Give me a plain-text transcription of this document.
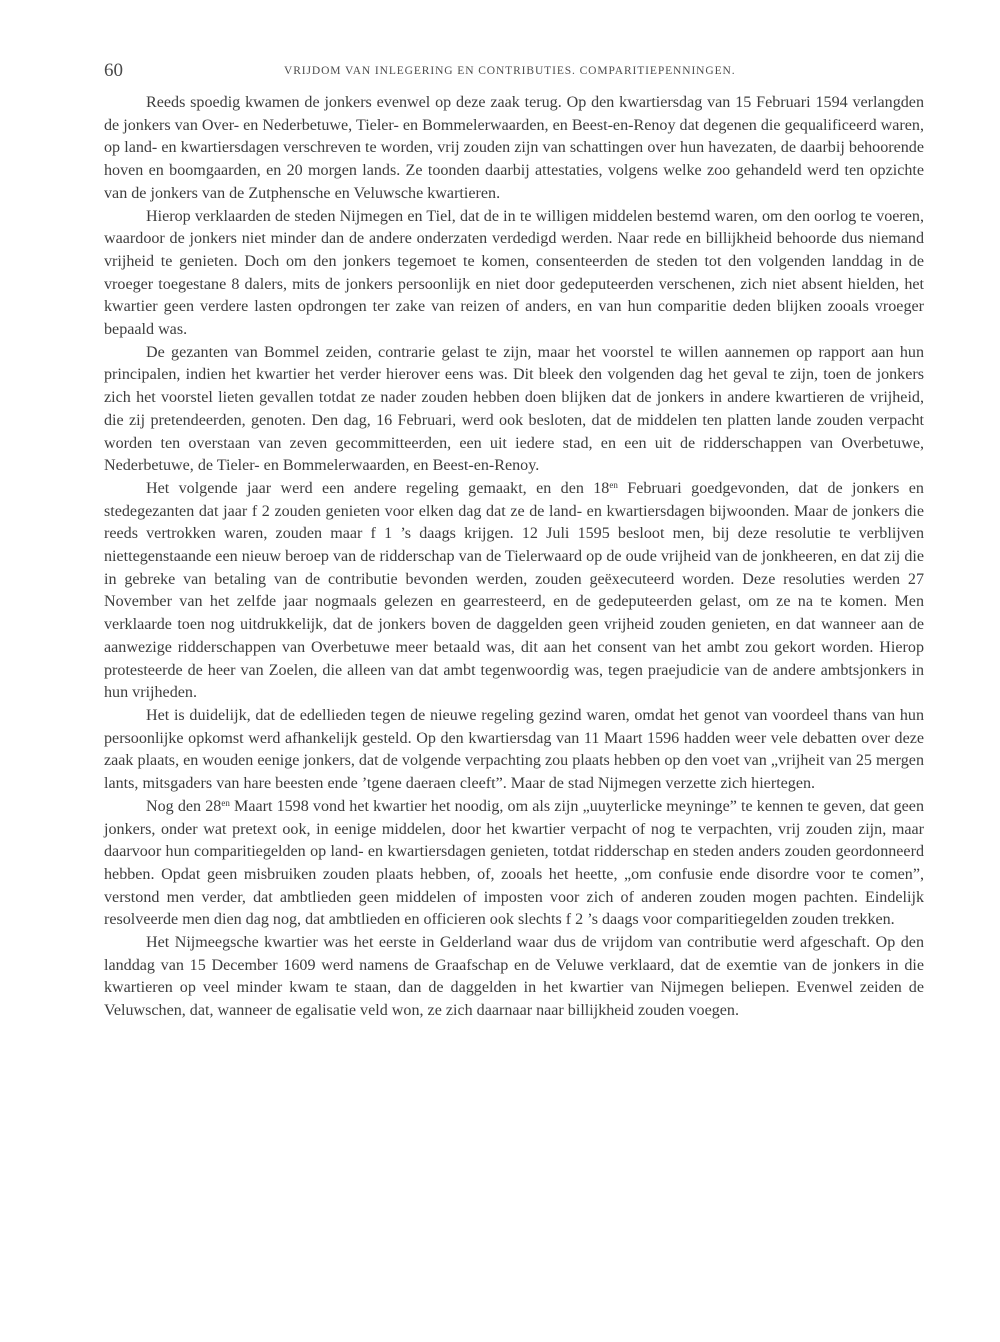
60	VRIJDOM VAN INLEGERING EN CONTRIBUTIES. COMPARITIEPENNINGEN.

Reeds spoedig kwamen de jonkers evenwel op deze zaak terug. Op den kwartiersdag van 15 Februari 1594 verlangden de jonkers van Over- en Nederbetuwe, Tieler- en Bommelerwaarden, en Beest-en-Renoy dat degenen die gequalificeerd waren, op land- en kwartiersdagen verschreven te worden, vrij zouden zijn van schattingen over hun havezaten, de daarbij behoorende hoven en boomgaarden, en 20 morgen lands. Ze toonden daarbij attestaties, volgens welke zoo gehandeld werd ten opzichte van de jonkers van de Zutphensche en Veluwsche kwartieren.

Hierop verklaarden de steden Nijmegen en Tiel, dat de in te willigen middelen bestemd waren, om den oorlog te voeren, waardoor de jonkers niet minder dan de andere onderzaten verdedigd werden. Naar rede en billijkheid behoorde dus niemand vrijheid te genieten. Doch om den jonkers tegemoet te komen, consenteerden de steden tot den volgenden landdag in de vroeger toegestane 8 dalers, mits de jonkers persoonlijk en niet door gedeputeerden verschenen, zich niet absent hielden, het kwartier geen verdere lasten opdrongen ter zake van reizen of anders, en van hun comparitie deden blijken zooals vroeger bepaald was.

De gezanten van Bommel zeiden, contrarie gelast te zijn, maar het voorstel te willen aannemen op rapport aan hun principalen, indien het kwartier het verder hierover eens was. Dit bleek den volgenden dag het geval te zijn, toen de jonkers zich het voorstel lieten gevallen totdat ze nader zouden hebben doen blijken dat de jonkers in andere kwartieren de vrijheid, die zij pretendeerden, genoten. Den dag, 16 Februari, werd ook besloten, dat de middelen ten platten lande zouden verpacht worden ten overstaan van zeven gecommitteerden, een uit iedere stad, en een uit de ridderschappen van Overbetuwe, Nederbetuwe, de Tieler- en Bommelerwaarden, en Beest-en-Renoy.

Het volgende jaar werd een andere regeling gemaakt, en den $18^{en}$ Februari goedgevonden, dat de jonkers en stedegezanten dat jaar f 2 zouden genieten voor elken dag dat ze de land- en kwartiersdagen bijwoonden. Maar de jonkers die reeds vertrokken waren, zouden maar f 1 ’s daags krijgen. 12 Juli 1595 besloot men, bij deze resolutie te verblijven niettegenstaande een nieuw beroep van de ridderschap van de Tielerwaard op de oude vrijheid van de jonkheeren, en dat zij die in gebreke van betaling van de contributie bevonden werden, zouden geëxecuteerd worden. Deze resoluties werden 27 November van het zelfde jaar nogmaals gelezen en gearresteerd, en de gedeputeerden gelast, om ze na te komen. Men verklaarde toen nog uitdrukkelijk, dat de jonkers boven de daggelden geen vrijheid zouden genieten, en dat wanneer aan de aanwezige ridderschappen van Overbetuwe meer betaald was, dit aan het consent van het ambt zou gekort worden. Hierop protesteerde de heer van Zoelen, die alleen van dat ambt tegenwoordig was, tegen praejudicie van de andere ambtsjonkers in hun vrijheden.

Het is duidelijk, dat de edellieden tegen de nieuwe regeling gezind waren, omdat het genot van voordeel thans van hun persoonlijke opkomst werd afhankelijk gesteld. Op den kwartiersdag van 11 Maart 1596 hadden weer vele debatten over deze zaak plaats, en wouden eenige jonkers, dat de volgende verpachting zou plaats hebben op den voet van „vrijheit van 25 mergen lants, mitsgaders van hare beesten ende ’tgene daeraen cleeft”. Maar de stad Nijmegen verzette zich hiertegen.

Nog den $28^{en}$ Maart 1598 vond het kwartier het noodig, om als zijn „uuyterlicke meyninge” te kennen te geven, dat geen jonkers, onder wat pretext ook, in eenige middelen, door het kwartier verpacht of nog te verpachten, vrij zouden zijn, maar daarvoor hun comparitiegelden op land- en kwartiersdagen genieten, totdat ridderschap en steden anders zouden geordonneerd hebben. Opdat geen misbruiken zouden plaats hebben, of, zooals het heette, „om confusie ende disordre voor te comen”, verstond men verder, dat ambtlieden geen middelen of imposten voor zich of anderen zouden mogen pachten. Eindelijk resolveerde men dien dag nog, dat ambtlieden en officieren ook slechts f 2 ’s daags voor comparitiegelden zouden trekken.

Het Nijmeegsche kwartier was het eerste in Gelderland waar dus de vrijdom van contributie werd afgeschaft. Op den landdag van 15 December 1609 werd namens de Graafschap en de Veluwe verklaard, dat de exemtie van de jonkers in die kwartieren op veel minder kwam te staan, dan de daggelden in het kwartier van Nijmegen beliepen. Evenwel zeiden de Veluwschen, dat, wanneer de egalisatie veld won, ze zich daarnaar naar billijkheid zouden voegen.
